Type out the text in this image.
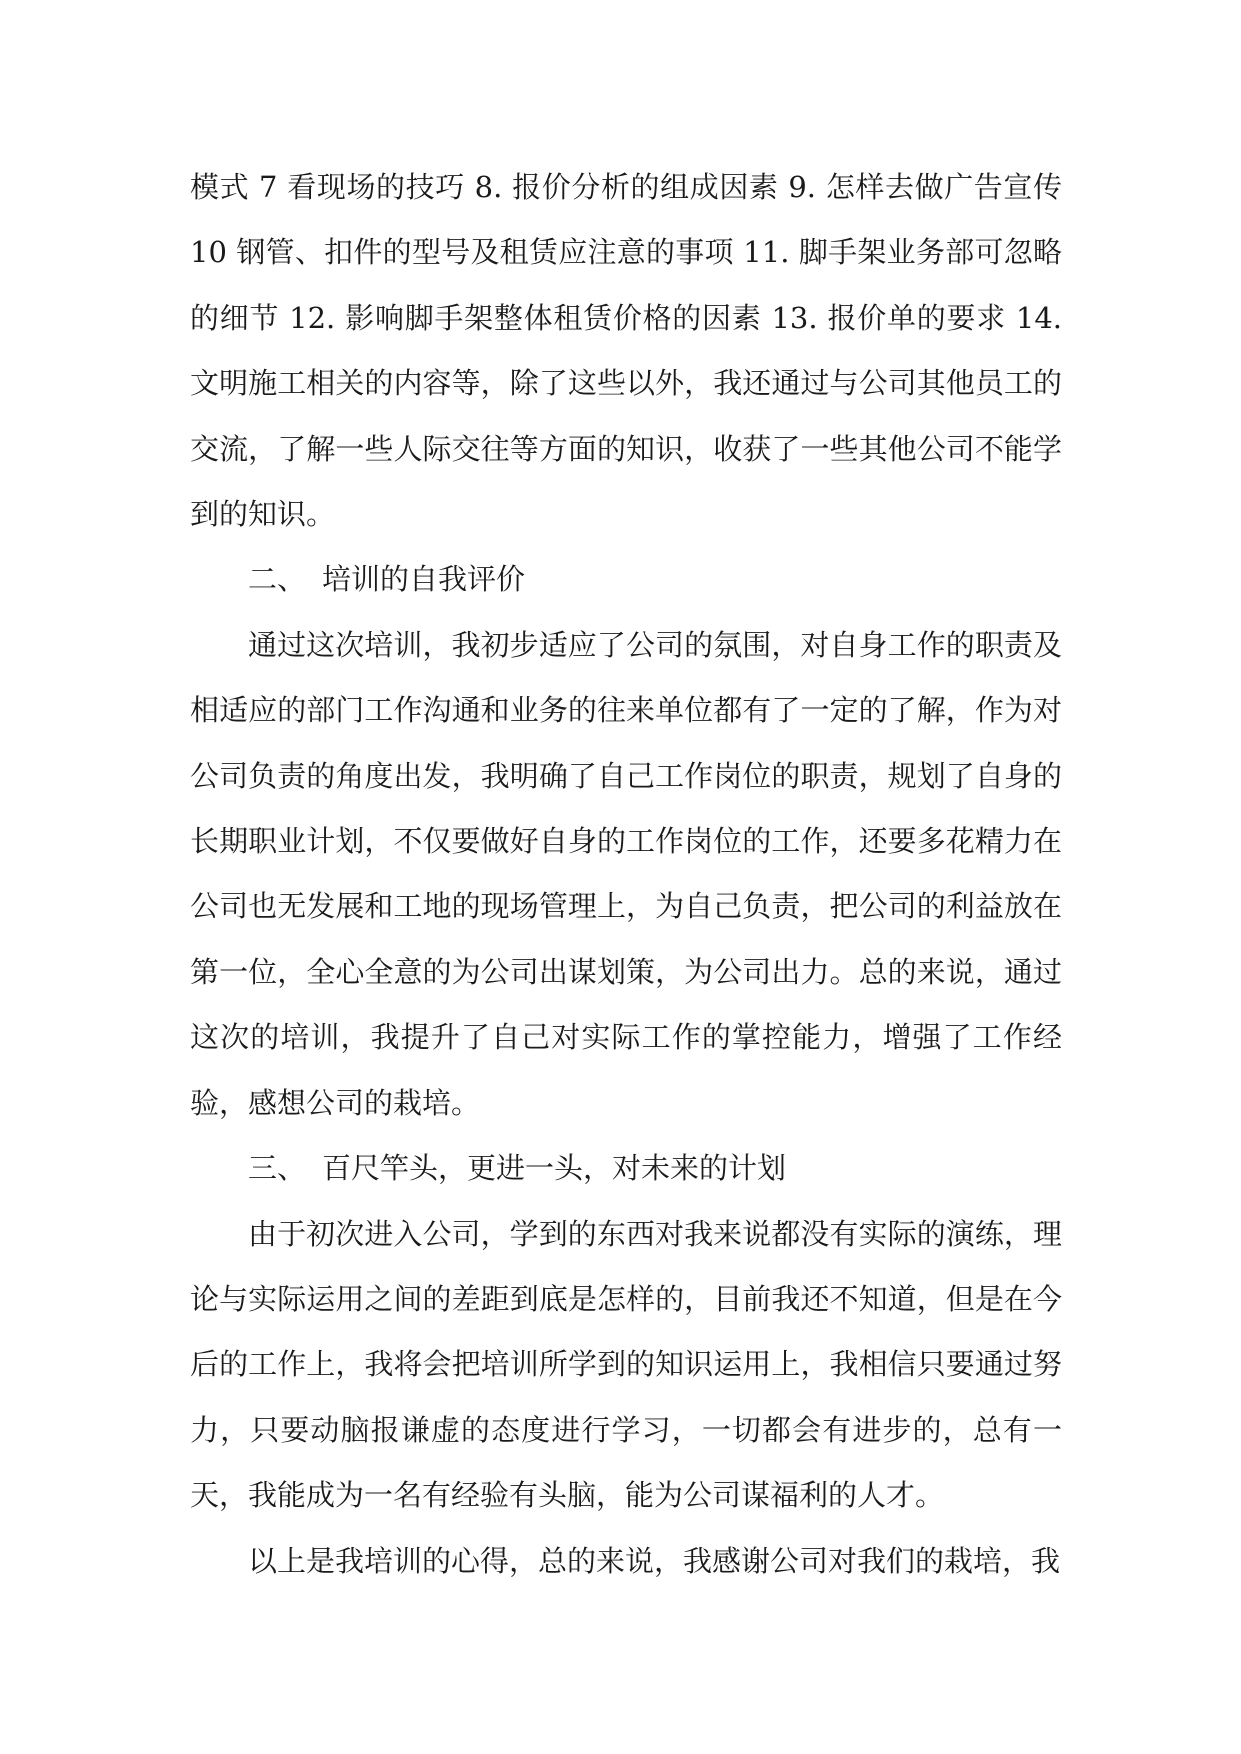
模式 7 看现场的技巧 8. 报价分析的组成因素 9. 怎样去做广告宣传 10 钢管、扣件的型号及租赁应注意的事项 11. 脚手架业务部可忽略的细节 12. 影响脚手架整体租赁价格的因素 13. 报价单的要求 14. 文明施工相关的内容等，除了这些以外，我还通过与公司其他员工的交流，了解一些人际交往等方面的知识，收获了一些其他公司不能学到的知识。

二、 培训的自我评价

通过这次培训，我初步适应了公司的氛围，对自身工作的职责及相适应的部门工作沟通和业务的往来单位都有了一定的了解，作为对公司负责的角度出发，我明确了自己工作岗位的职责，规划了自身的长期职业计划，不仅要做好自身的工作岗位的工作，还要多花精力在公司也无发展和工地的现场管理上，为自己负责，把公司的利益放在第一位，全心全意的为公司出谋划策，为公司出力。总的来说，通过这次的培训，我提升了自己对实际工作的掌控能力，增强了工作经验，感想公司的栽培。

三、 百尺竿头，更进一头，对未来的计划

由于初次进入公司，学到的东西对我来说都没有实际的演练，理论与实际运用之间的差距到底是怎样的，目前我还不知道，但是在今后的工作上，我将会把培训所学到的知识运用上，我相信只要通过努力，只要动脑报谦虚的态度进行学习，一切都会有进步的，总有一天，我能成为一名有经验有头脑，能为公司谋福利的人才。

以上是我培训的心得，总的来说，我感谢公司对我们的栽培，我
